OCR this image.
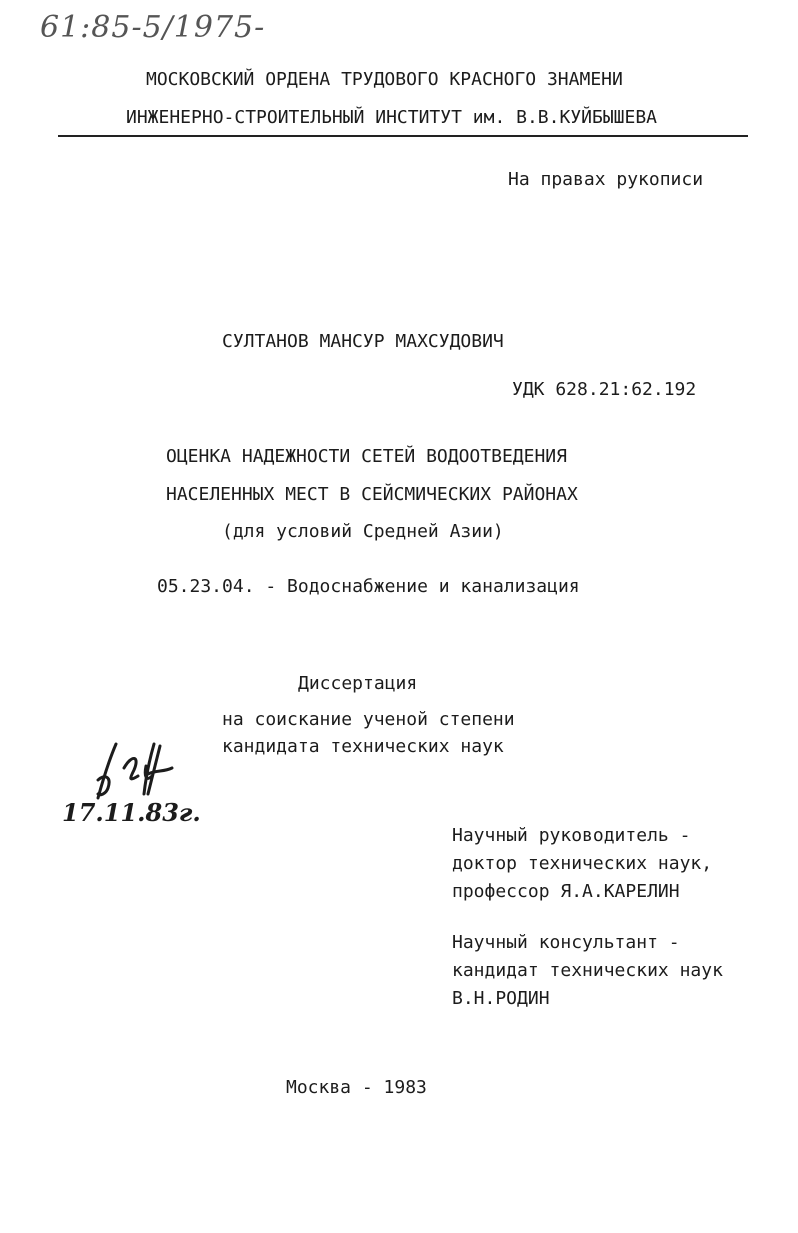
61:85-5/1975-
МОСКОВСКИЙ ОРДЕНА ТРУДОВОГО КРАСНОГО ЗНАМЕНИ
ИНЖЕНЕРНО-СТРОИТЕЛЬНЫЙ ИНСТИТУТ им. В.В.КУЙБЫШЕВА
На правах рукописи
СУЛТАНОВ МАНСУР МАХСУДОВИЧ
УДК 628.21:62.192
ОЦЕНКА НАДЕЖНОСТИ СЕТЕЙ ВОДООТВЕДЕНИЯ
НАСЕЛЕННЫХ МЕСТ В СЕЙСМИЧЕСКИХ РАЙОНАХ
(для условий Средней Азии)
05.23.04. - Водоснабжение и канализация
Диссертация
на соискание ученой степени
кандидата технических наук
17.11.83г.
Научный руководитель -
доктор технических наук,
профессор Я.А.КАРЕЛИН
Научный консультант -
кандидат технических наук
В.Н.РОДИН
Москва - 1983
